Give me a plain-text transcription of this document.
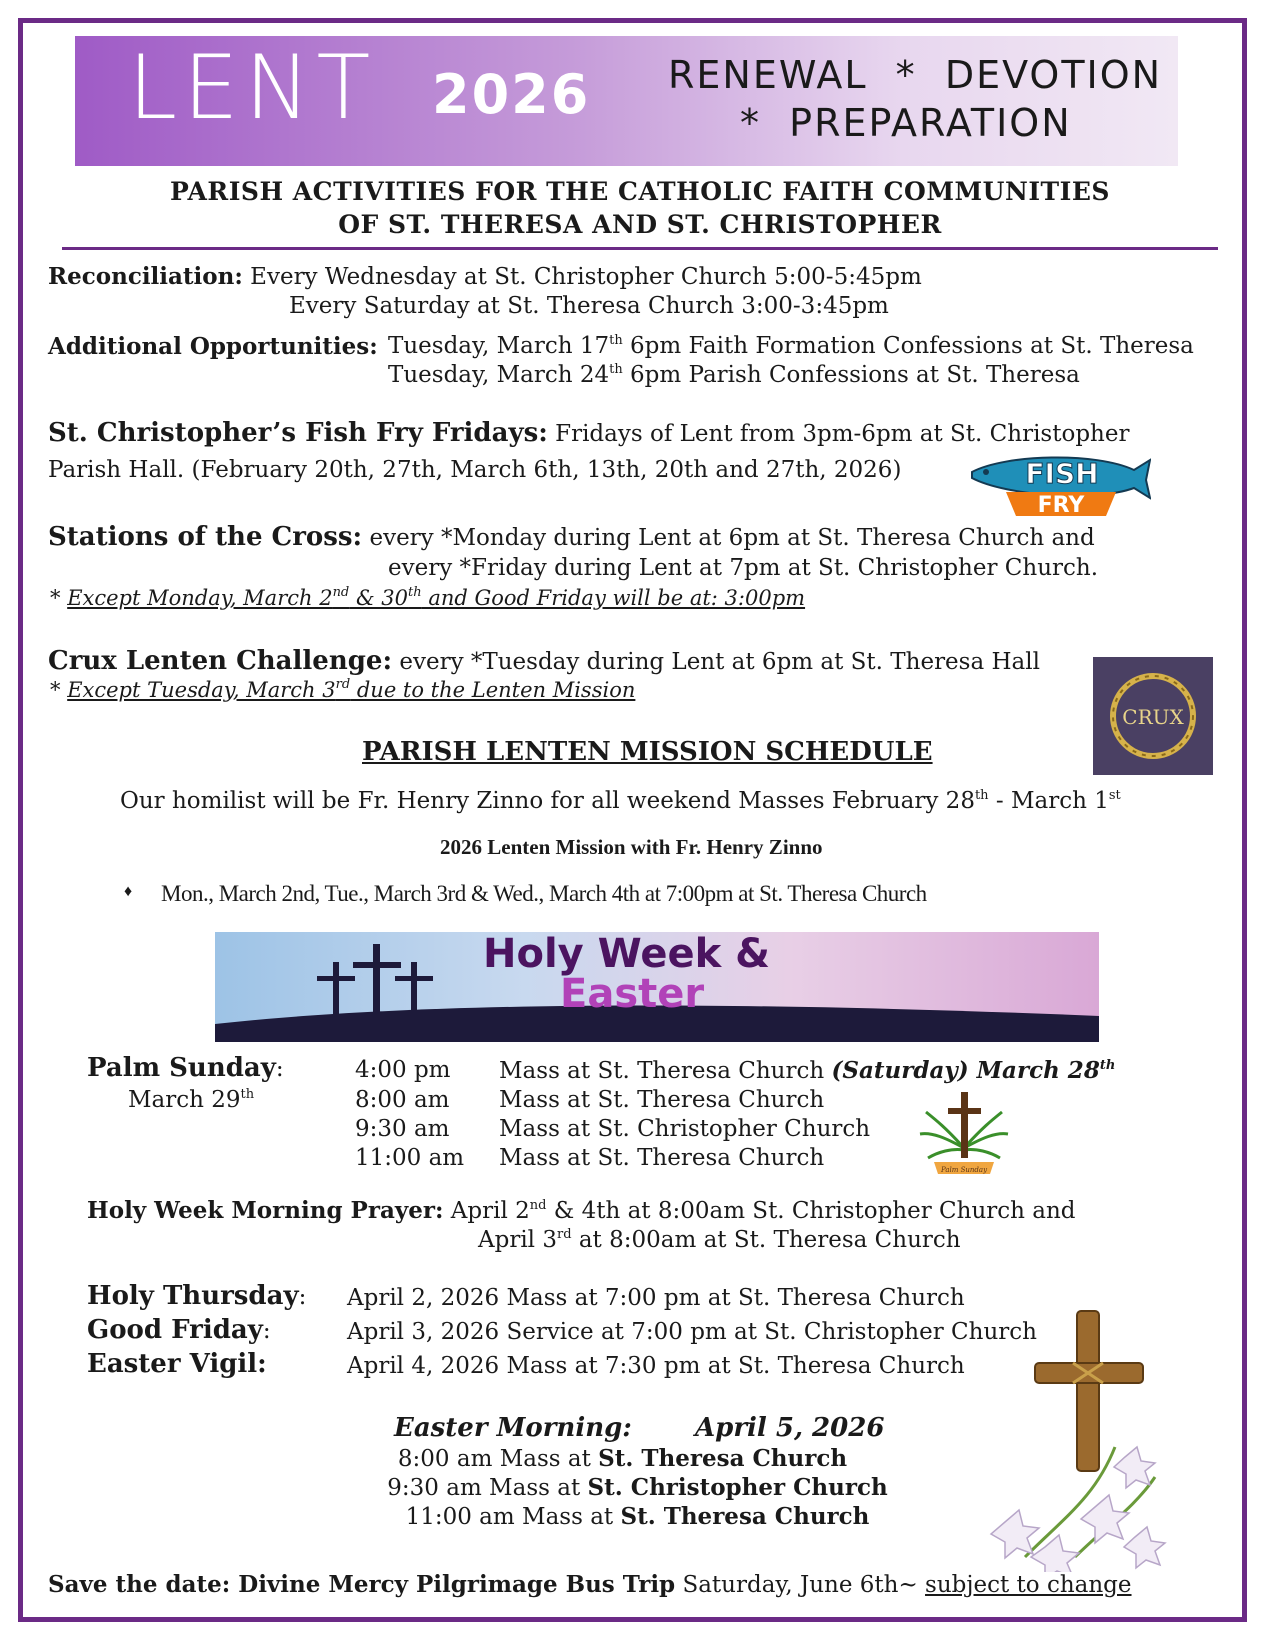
LENT 2026 RENEWAL  *  DEVOTION
*  PREPARATION
PARISH ACTIVITIES FOR THE CATHOLIC FAITH COMMUNITIES
OF ST. THERESA AND ST. CHRISTOPHER
Reconciliation: Every Wednesday at St. Christopher Church 5:00-5:45pm
Every Saturday at St. Theresa Church 3:00-3:45pm
Additional Opportunities: Tuesday, March 17th 6pm Faith Formation Confessions at St. Theresa
Tuesday, March 24th 6pm Parish Confessions at St. Theresa
St. Christopher’s Fish Fry Fridays: Fridays of Lent from 3pm-6pm at St. Christopher
Parish Hall. (February 20th, 27th, March 6th, 13th, 20th and 27th, 2026)	FISH
FRY
Stations of the Cross: every *Monday during Lent at 6pm at St. Theresa Church and
every *Friday during Lent at 7pm at St. Christopher Church.
* Except Monday, March 2nd & 30th and Good Friday will be at: 3:00pm
Crux Lenten Challenge: every *Tuesday during Lent at 6pm at St. Theresa Hall
* Except Tuesday, March 3rd due to the Lenten Mission
CRUX
PARISH LENTEN MISSION SCHEDULE
Our homilist will be Fr. Henry Zinno for all weekend Masses February 28th - March 1st
2026 Lenten Mission with Fr. Henry Zinno
♦ Mon., March 2nd, Tue., March 3rd & Wed., March 4th at 7:00pm at St. Theresa Church
Holy Week &
Easter
Palm Sunday:
March 29th
4:00 pm Mass at St. Theresa Church (Saturday) March 28th
8:00 am Mass at St. Theresa Church
9:30 am Mass at St. Christopher Church
11:00 am Mass at St. Theresa Church	Palm Sunday
Holy Week Morning Prayer: April 2nd & 4th at 8:00am St. Christopher Church and
April 3rd at 8:00am at St. Theresa Church
Holy Thursday: April 2, 2026 Mass at 7:00 pm at St. Theresa Church
Good Friday:	April 3, 2026 Service at 7:00 pm at St. Christopher Church
Easter Vigil:	April 4, 2026 Mass at 7:30 pm at St. Theresa Church
Easter Morning: April 5, 2026
8:00 am Mass at St. Theresa Church
9:30 am Mass at St. Christopher Church
11:00 am Mass at St. Theresa Church
Save the date: Divine Mercy Pilgrimage Bus Trip Saturday, June 6th~ subject to change
